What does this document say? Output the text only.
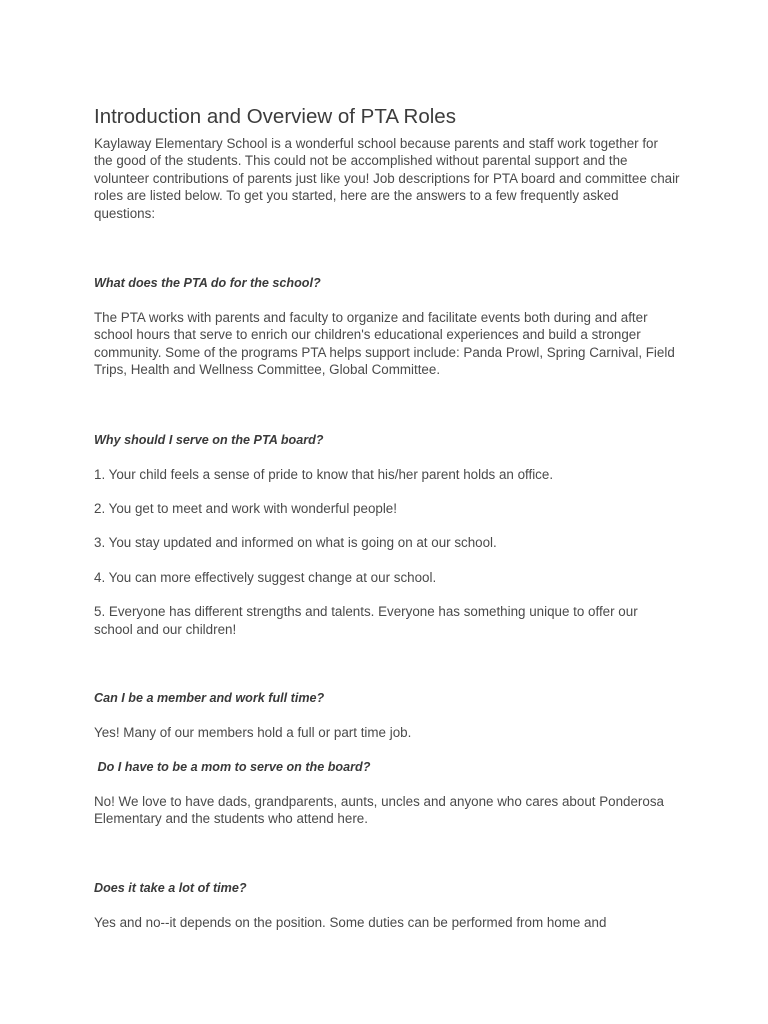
Introduction and Overview of PTA Roles

Kaylaway Elementary School is a wonderful school because parents and staff work together for the good of the students. This could not be accomplished without parental support and the volunteer contributions of parents just like you! Job descriptions for PTA board and committee chair roles are listed below. To get you started, here are the answers to a few frequently asked questions:

What does the PTA do for the school?

The PTA works with parents and faculty to organize and facilitate events both during and after school hours that serve to enrich our children's educational experiences and build a stronger community. Some of the programs PTA helps support include: Panda Prowl, Spring Carnival, Field Trips, Health and Wellness Committee, Global Committee.

Why should I serve on the PTA board?

1. Your child feels a sense of pride to know that his/her parent holds an office.

2. You get to meet and work with wonderful people!

3. You stay updated and informed on what is going on at our school.

4. You can more effectively suggest change at our school.

5. Everyone has different strengths and talents. Everyone has something unique to offer our school and our children!

Can I be a member and work full time?

Yes! Many of our members hold a full or part time job.

Do I have to be a mom to serve on the board?

No! We love to have dads, grandparents, aunts, uncles and anyone who cares about Ponderosa Elementary and the students who attend here.

Does it take a lot of time?

Yes and no--it depends on the position. Some duties can be performed from home and
